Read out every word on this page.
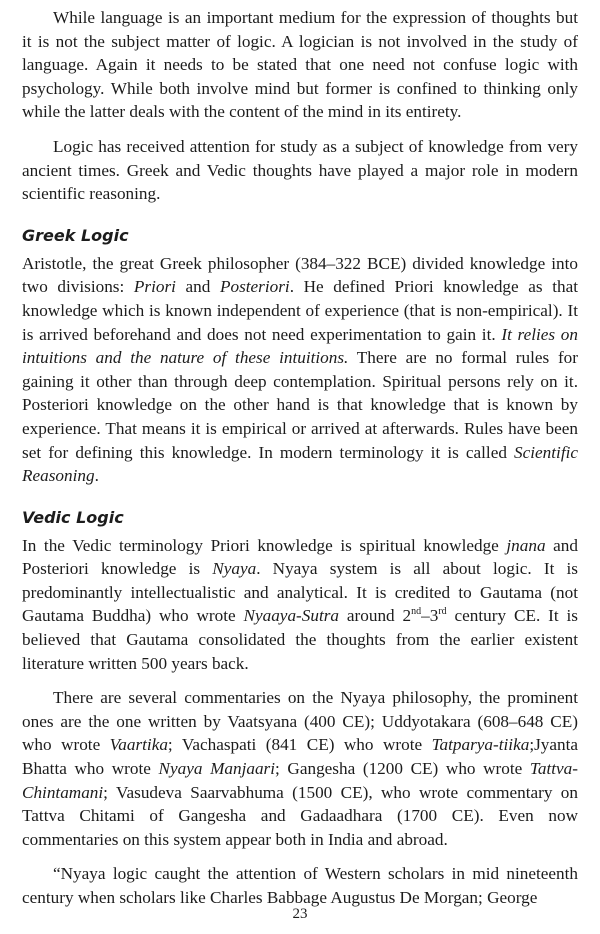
While language is an important medium for the expression of thoughts but it is not the subject matter of logic. A logician is not involved in the study of language. Again it needs to be stated that one need not confuse logic with psychology. While both involve mind but former is confined to thinking only while the latter deals with the content of the mind in its entirety.

Logic has received attention for study as a subject of knowledge from very ancient times. Greek and Vedic thoughts have played a major role in modern scientific reasoning.

Greek Logic

Aristotle, the great Greek philosopher (384–322 BCE) divided knowledge into two divisions: Priori and Posteriori. He defined Priori knowledge as that knowledge which is known independent of experience (that is non-empirical). It is arrived beforehand and does not need experimentation to gain it. It relies on intuitions and the nature of these intuitions. There are no formal rules for gaining it other than through deep contemplation. Spiritual persons rely on it. Posteriori knowledge on the other hand is that knowledge that is known by experience. That means it is empirical or arrived at afterwards. Rules have been set for defining this knowledge. In modern terminology it is called Scientific Reasoning.

Vedic Logic

In the Vedic terminology Priori knowledge is spiritual knowledge jnana and Posteriori knowledge is Nyaya. Nyaya system is all about logic. It is predominantly intellectualistic and analytical. It is credited to Gautama (not Gautama Buddha) who wrote Nyaaya-Sutra around 2nd–3rd century CE. It is believed that Gautama consolidated the thoughts from the earlier existent literature written 500 years back.

There are several commentaries on the Nyaya philosophy, the prominent ones are the one written by Vaatsyana (400 CE); Uddyotakara (608–648 CE) who wrote Vaartika; Vachaspati (841 CE) who wrote Tatparya-tiika;Jyanta Bhatta who wrote Nyaya Manjaari; Gangesha (1200 CE) who wrote Tattva-Chintamani; Vasudeva Saarvabhuma (1500 CE), who wrote commentary on Tattva Chitami of Gangesha and Gadaadhara (1700 CE). Even now commentaries on this system appear both in India and abroad.

“Nyaya logic caught the attention of Western scholars in mid nineteenth century when scholars like Charles Babbage Augustus De Morgan; George

23
